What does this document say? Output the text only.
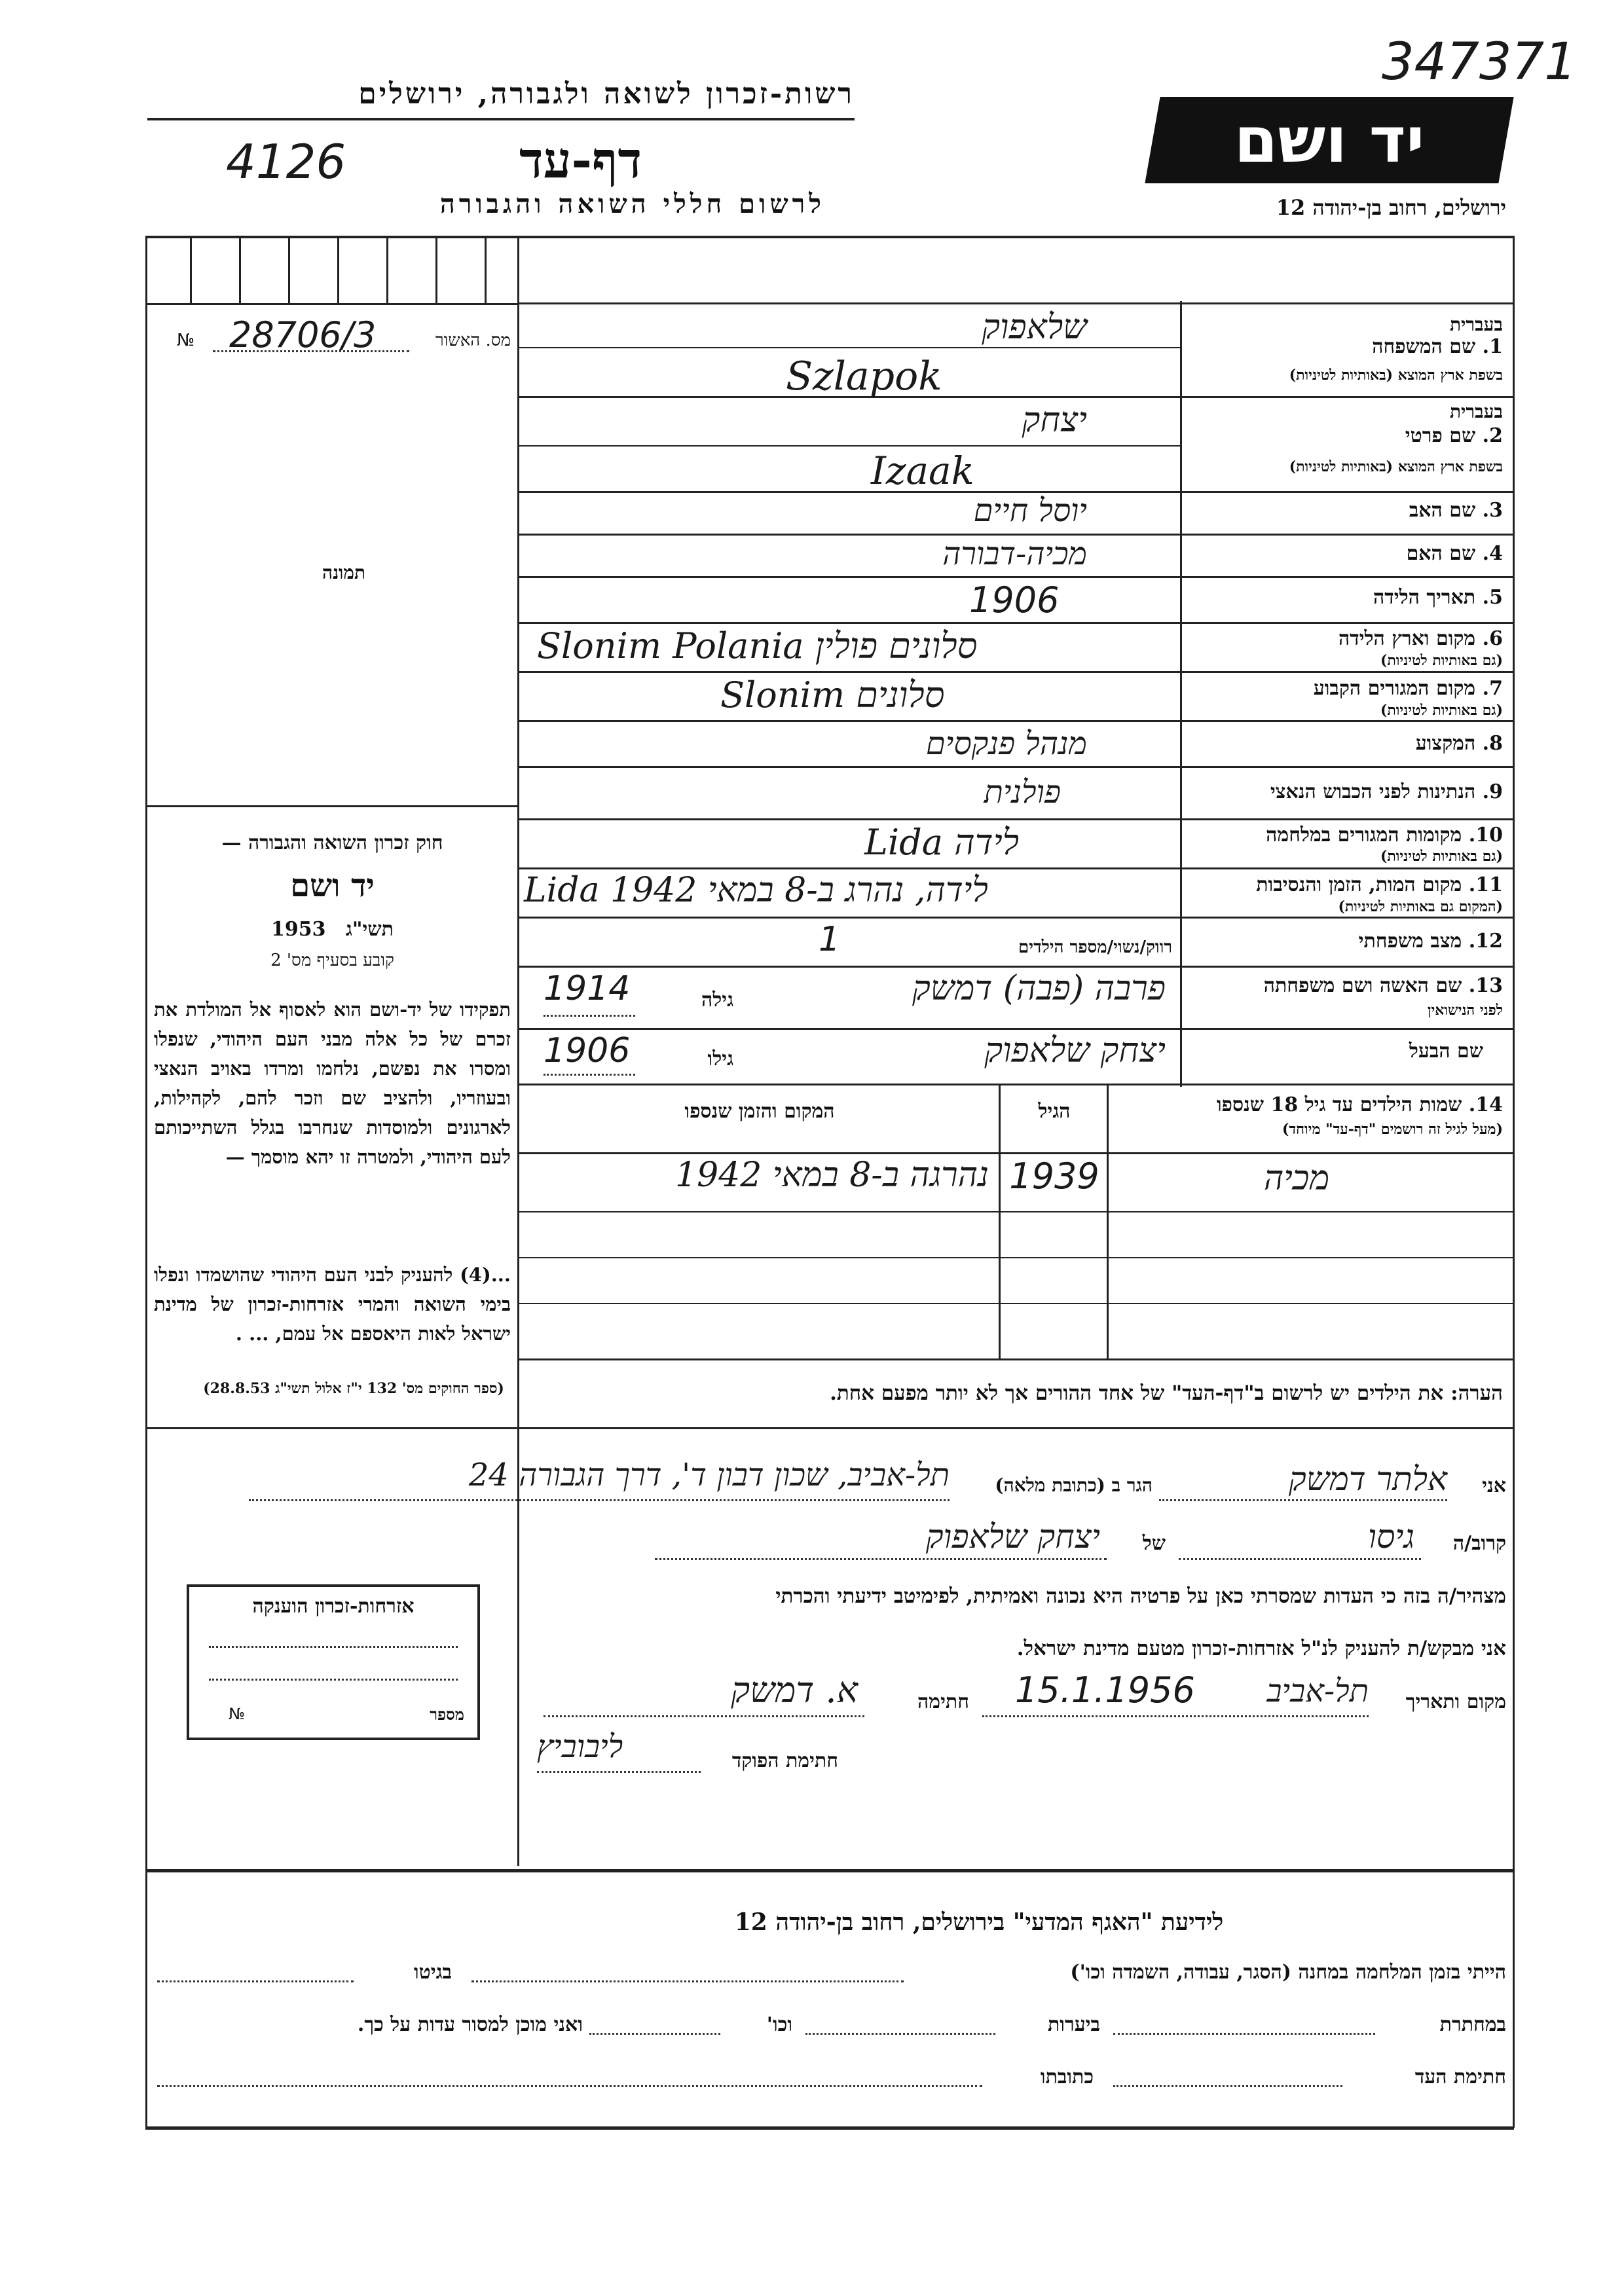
347371
רשות-זכרון לשואה ולגבורה, ירושלים
4126	דף-עד
לרשום חללי השואה והגבורה
יד ושם
ירושלים, רחוב בן-יהודה 12
מס. האשור
28706/3
№
תמונה
חוק זכרון השואה והגבורה —
יד ושם
תשי"ג 1953
קובע בסעיף מס' 2
תפקידו של יד-ושם הוא לאסוף אל המולדת את זכרם של כל אלה מבני העם היהודי, שנפלו ומסרו את נפשם, נלחמו ומרדו באויב הנאצי ובעוזריו, ולהציב שם וזכר להם, לקהילות, לארגונים ולמוסדות שנחרבו בגלל השתייכותם לעם היהודי, ולמטרה זו יהא מוסמך —
...(4) להעניק לבני העם היהודי שהושמדו ונפלו בימי השואה והמרי אזרחות-זכרון של מדינת ישראל לאות היאספם אל עמם, ... .
(ספר החוקים מס' 132 י"ז אלול תשי"ג 28.8.53)
בעברית
1. שם המשפחה
בשפת ארץ המוצא (באותיות לטיניות)
שלאפוק
Szlapok
בעברית
2. שם פרטי
בשפת ארץ המוצא (באותיות לטיניות)
יצחק
Izaak
3. שם האב
יוסל חיים
4. שם האם
מכיה-דבורה
5. תאריך הלידה
1906
6. מקום וארץ הלידה
(גם באותיות לטיניות)
Slonim Polania סלונים פולין
7. מקום המגורים הקבוע
(גם באותיות לטיניות)
Slonim סלונים
8. המקצוע
מנהל פנקסים
9. הנתינות לפני הכבוש הנאצי
פולנית
10. מקומות המגורים במלחמה
(גם באותיות לטיניות)
Lida לידה
11. מקום המות, הזמן והנסיבות
(המקום גם באותיות לטיניות)
Lida 1942 לידה, נהרג ב-8 במאי
12. מצב משפחתי
רווק/נשוי/מספר הילדים
1
13. שם האשה ושם משפחתה
לפני הנישואין
פרבה (פבה) דמשק
גילה
1914
שם הבעל
יצחק שלאפוק
גילו
1906
14. שמות הילדים עד גיל 18 שנספו
(מעל לגיל זה רושמים "דף-עד" מיוחד)
הגיל
המקום והזמן שנספו
מכיה
1939
נהרגה ב-8 במאי 1942
הערה: את הילדים יש לרשום ב"דף-העד" של אחד ההורים אך לא יותר מפעם אחת.
אני
אלתר דמשק
הגר ב (כתובת מלאה)
תל-אביב, שכון דבון ד', דרך הגבורה 24
קרוב/ה
גיסו
של
יצחק שלאפוק
מצהיר/ה בזה כי העדות שמסרתי כאן על פרטיה היא נכונה ואמיתית, לפימיטב ידיעתי והכרתי
אני מבקש/ת להעניק לנ"ל אזרחות-זכרון מטעם מדינת ישראל.
מקום ותאריך
תל-אביב
15.1.1956
חתימה
א. דמשק
חתימת הפוקד
ליבוביץ
אזרחות-זכרון הוענקה
מספר
№
לידיעת "האגף המדעי" בירושלים, רחוב בן-יהודה 12
הייתי בזמן המלחמה במחנה (הסגר, עבודה, השמדה וכו')
בגיטו
במחתרת
ביערות
וכו'
ואני מוכן למסור עדות על כך.
חתימת העד
כתובתו
